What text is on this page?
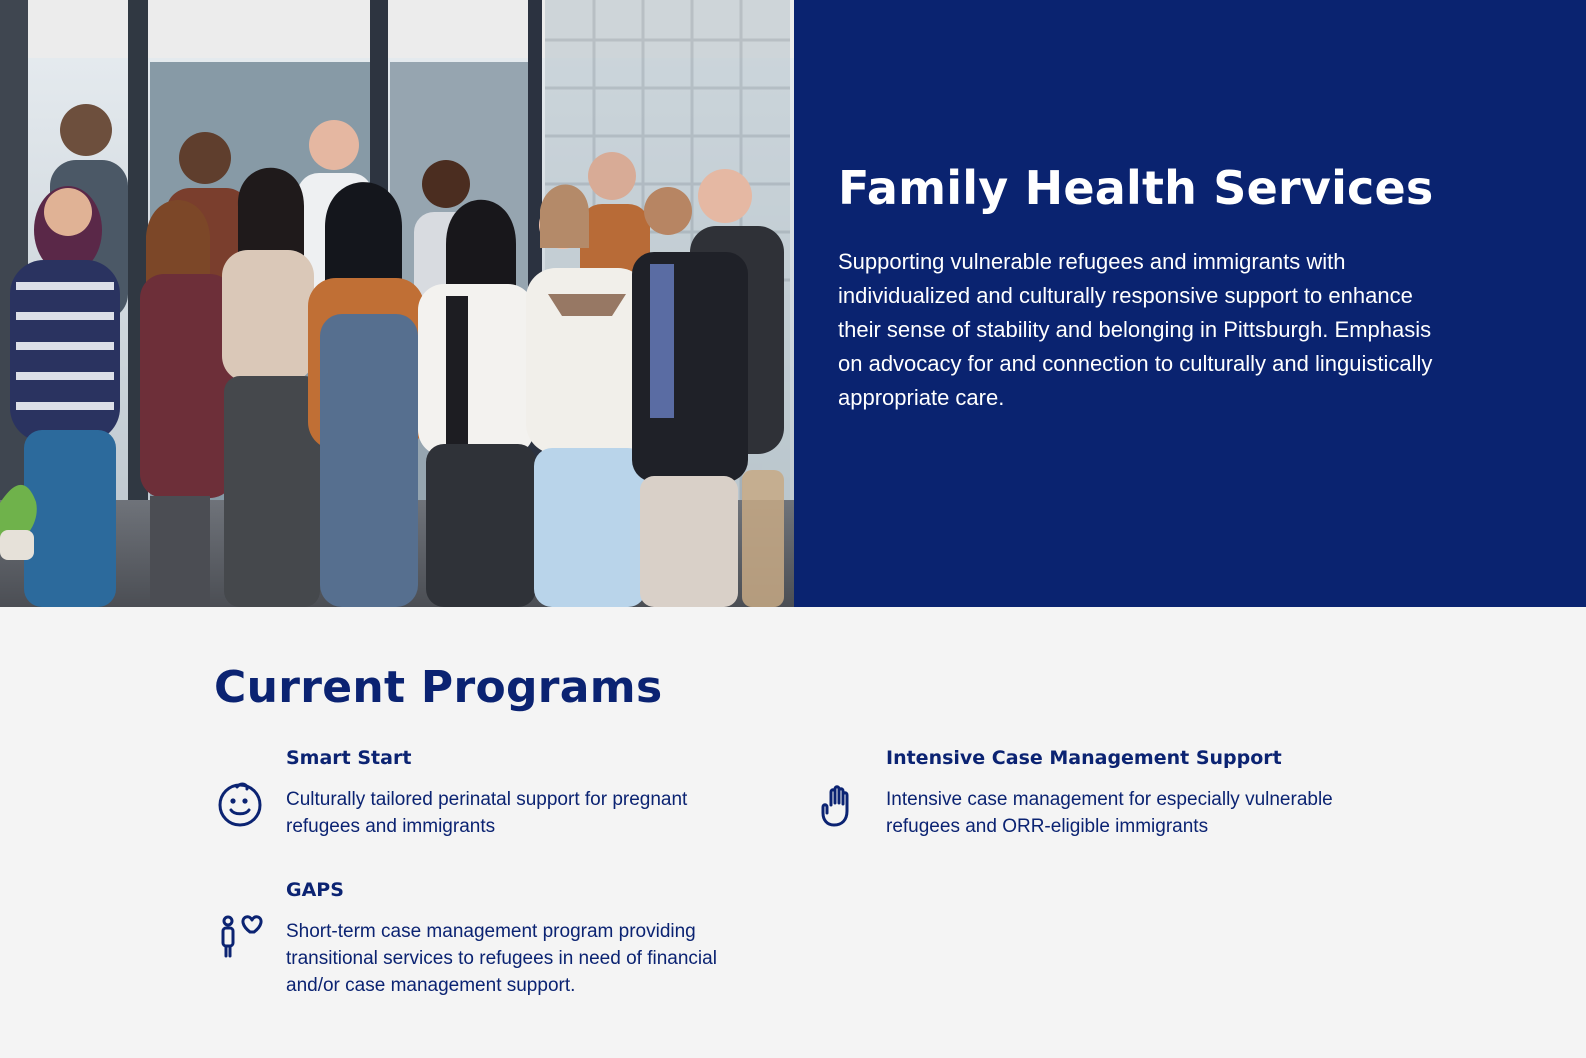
Family Health Services

Supporting vulnerable refugees and immigrants with individualized and culturally responsive support to enhance their sense of stability and belonging in Pittsburgh. Emphasis on advocacy for and connection to culturally and linguistically appropriate care.

Current Programs
Smart Start

Culturally tailored perinatal support for pregnant refugees and immigrants

Intensive Case Management Support

Intensive case management for especially vulnerable refugees and ORR-eligible immigrants

GAPS

Short-term case management program providing transitional services to refugees in need of financial and/or case management support.
